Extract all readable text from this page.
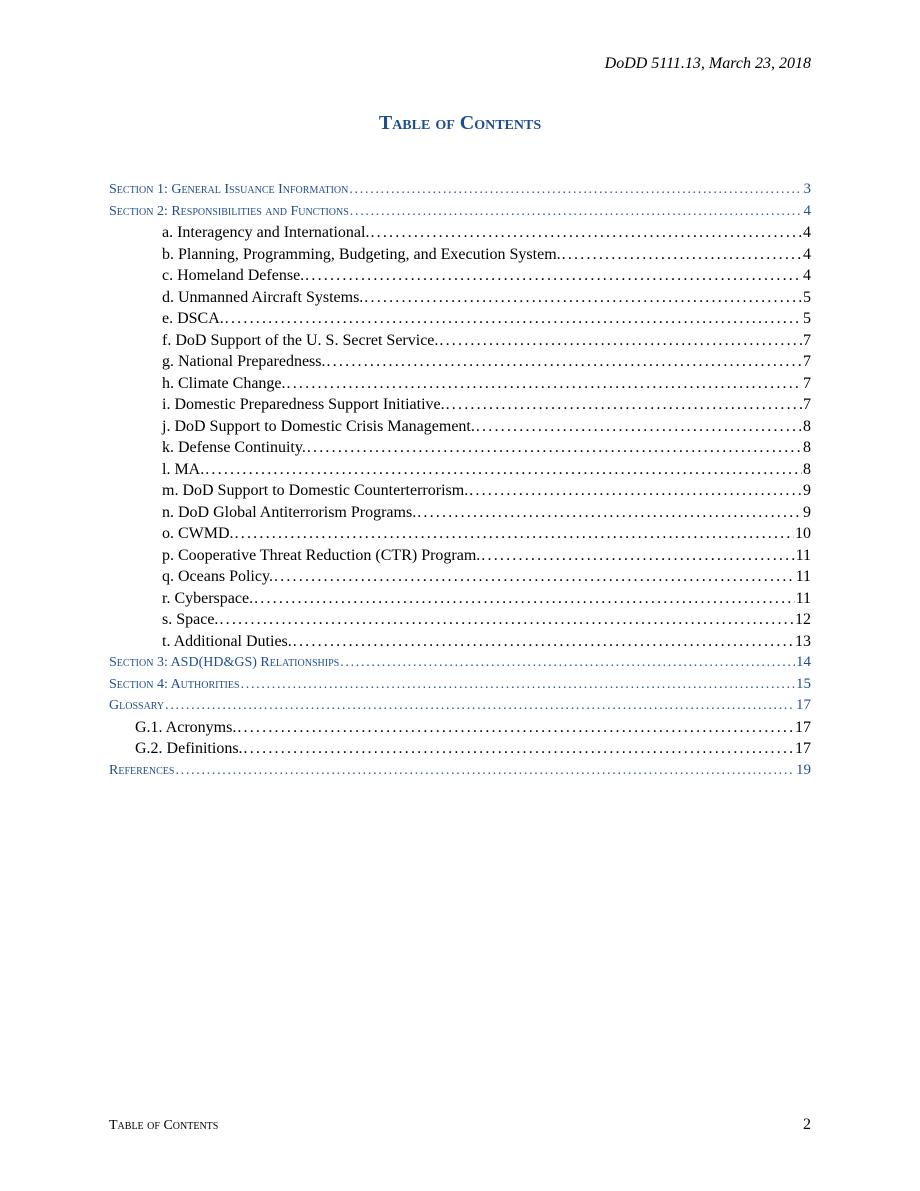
DoDD 5111.13, March 23, 2018
Table of Contents
Section 1: General Issuance Information . . .	3
Section 2: Responsibilities and Functions . . .	4
a. Interagency and International. . . .	4
b. Planning, Programming, Budgeting, and Execution System. . . .	4
c. Homeland Defense. . . .	4
d. Unmanned Aircraft Systems. . . .	5
e. DSCA. . . .	5
f. DoD Support of the U. S. Secret Service. . . .	7
g. National Preparedness. . . .	7
h. Climate Change. . . .	7
i. Domestic Preparedness Support Initiative. . . .	7
j. DoD Support to Domestic Crisis Management. . . .	8
k. Defense Continuity. . . .	8
l. MA. . . .	8
m. DoD Support to Domestic Counterterrorism. . . .	9
n. DoD Global Antiterrorism Programs. . . .	9
o. CWMD. . . .	10
p. Cooperative Threat Reduction (CTR) Program. . . .	11
q. Oceans Policy. . . .	11
r. Cyberspace. . . .	11
s. Space. . . .	12
t. Additional Duties. . . .	13
Section 3: ASD(HD&GS) Relationships . . .	14
Section 4: Authorities . . .	15
Glossary . . .	17
G.1. Acronyms. . . .	17
G.2. Definitions. . . .	17
References . . .	19
Table of Contents	2
